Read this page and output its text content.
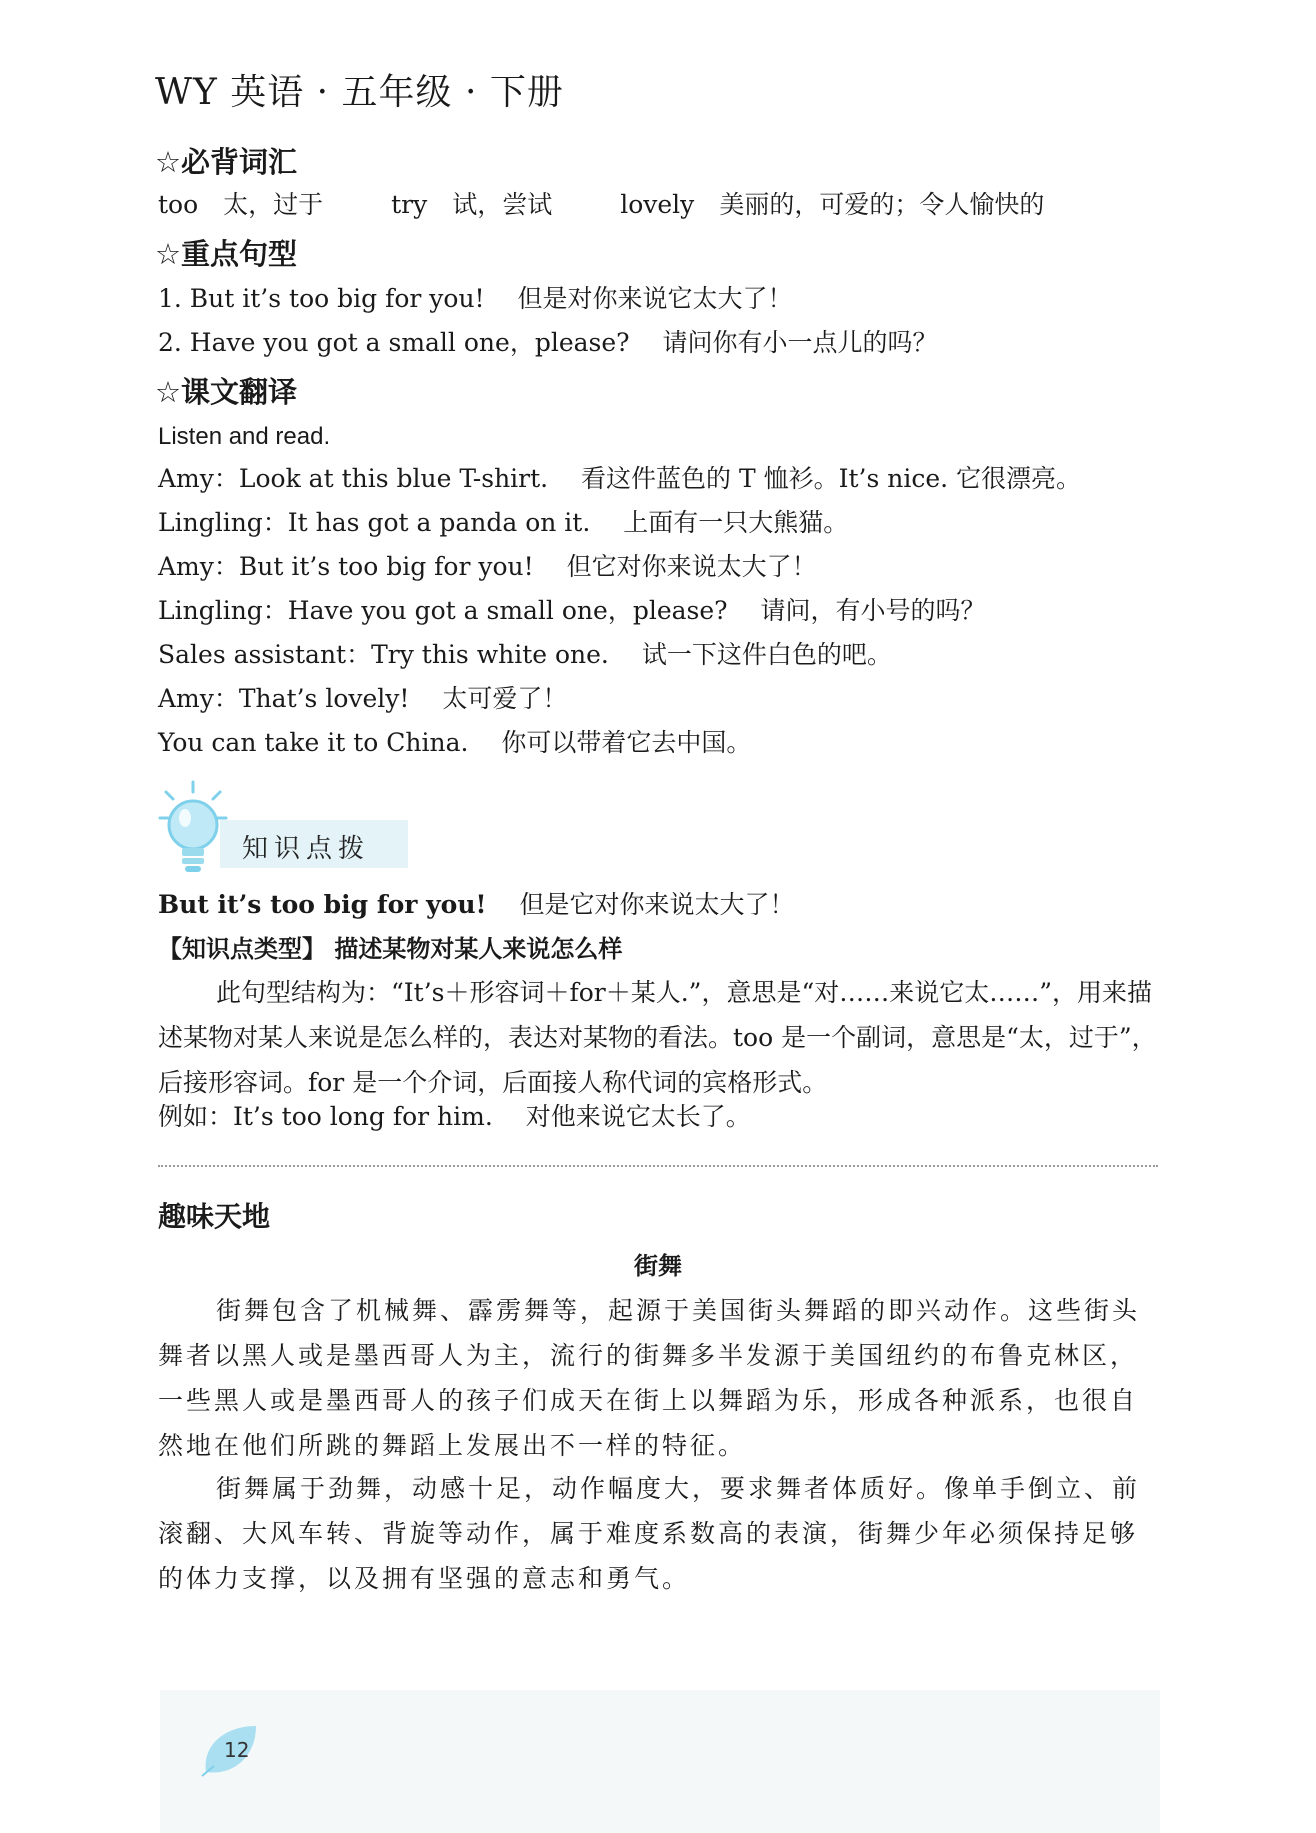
WY 英语 · 五年级 · 下册
☆必背词汇
too 太，过于	try 试，尝试	lovely 美丽的，可爱的；令人愉快的
☆重点句型
1. But it’s too big for you!　 但是对你来说它太大了！
2. Have you got a small one，please?　 请问你有小一点儿的吗？
☆课文翻译
Listen and read.
Amy：Look at this blue T-shirt.　 看这件蓝色的 T 恤衫。It’s nice. 它很漂亮。
Lingling：It has got a panda on it.　 上面有一只大熊猫。
Amy：But it’s too big for you!　 但它对你来说太大了！
Lingling：Have you got a small one，please?　 请问，有小号的吗？
Sales assistant：Try this white one.　 试一下这件白色的吧。
Amy：That’s lovely!　 太可爱了！
You can take it to China.　 你可以带着它去中国。
知识点拨
But it’s too big for you!　 但是它对你来说太大了！
【知识点类型】 描述某物对某人来说怎么样
此句型结构为：“It’s＋形容词＋for＋某人.”，意思是“对……来说它太……”，用来描述某物对某人来说是怎么样的，表达对某物的看法。too 是一个副词，意思是“太，过于”，后接形容词。for 是一个介词，后面接人称代词的宾格形式。
例如：It’s too long for him.　 对他来说它太长了。
趣味天地
街舞
街舞包含了机械舞、霹雳舞等，起源于美国街头舞蹈的即兴动作。这些街头舞者以黑人或是墨西哥人为主，流行的街舞多半发源于美国纽约的布鲁克林区，一些黑人或是墨西哥人的孩子们成天在街上以舞蹈为乐，形成各种派系，也很自然地在他们所跳的舞蹈上发展出不一样的特征。
街舞属于劲舞，动感十足，动作幅度大，要求舞者体质好。像单手倒立、前滚翻、大风车转、背旋等动作，属于难度系数高的表演，街舞少年必须保持足够的体力支撑，以及拥有坚强的意志和勇气。
12
